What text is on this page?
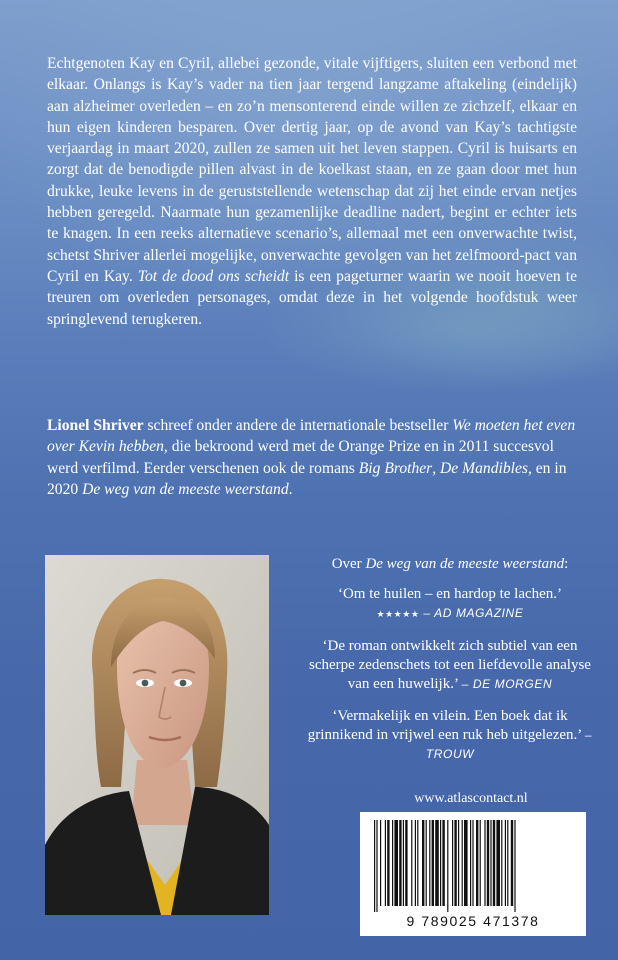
Echtgenoten Kay en Cyril, allebei gezonde, vitale vijftigers, sluiten een verbond met elkaar. Onlangs is Kay’s vader na tien jaar tergend langzame aftakeling (eindelijk) aan alzheimer overleden – en zo’n mensonterend einde willen ze zichzelf, elkaar en hun eigen kinderen besparen. Over dertig jaar, op de avond van Kay’s tachtigste verjaardag in maart 2020, zullen ze samen uit het leven stappen. Cyril is huisarts en zorgt dat de benodigde pillen alvast in de koelkast staan, en ze gaan door met hun drukke, leuke levens in de geruststellende wetenschap dat zij het einde ervan netjes hebben geregeld. Naarmate hun gezamenlijke deadline nadert, begint er echter iets te knagen. In een reeks alternatieve scenario’s, allemaal met een onverwachte twist, schetst Shriver allerlei mogelijke, onverwachte gevolgen van het zelfmoord-pact van Cyril en Kay. Tot de dood ons scheidt is een pageturner waarin we nooit hoeven te treuren om overleden personages, omdat deze in het volgende hoofdstuk weer springlevend terugkeren.

Lionel Shriver schreef onder andere de internationale bestseller We moeten het even over Kevin hebben, die bekroond werd met de Orange Prize en in 2011 succesvol werd verfilmd. Eerder verschenen ook de romans Big Brother, De Mandibles, en in 2020 De weg van de meeste weerstand.

Over De weg van de meeste weerstand:

‘Om te huilen – en hardop te lachen.’
★★★★★ – AD MAGAZINE
‘De roman ontwikkelt zich subtiel van een scherpe zedenschets tot een liefdevolle analyse van een huwelijk.’ – DE MORGEN
‘Vermakelijk en vilein. Een boek dat ik grinnikend in vrijwel een ruk heb uitgelezen.’ – TROUW
www.atlascontact.nl
9 789025 471378
